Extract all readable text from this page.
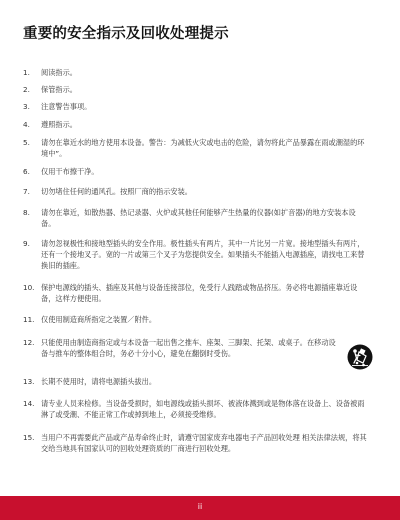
重要的安全指示及回收处理提示
1.	阅读指示。
2.	保管指示。
3.	注意警告事项。
4.	遵照指示。
5.	请勿在靠近水的地方使用本设备。警告：为减低火灾或电击的危险，请勿将此产品暴露在雨或潮湿的环境中”。
6.	仅用干布擦干净。
7.	切勿堵住任何的通风孔。按照厂商的指示安装。
8.	请勿在靠近，如散热器、热记录器、火炉或其他任何能够产生热量的仪器(如扩音器)的地方安装本设备。
9.	请勿忽视极性和接地型插头的安全作用。极性插头有两片，其中一片比另一片宽。接地型插头有两片，还有一个接地叉子。宽的一片或第三个叉子为您提供安全。如果插头不能插入电源插座，请找电工来替换旧的插座。
10. 保护电源线的插头、插座及其他与设备连接部位，免受行人践踏或物品挤压。务必将电源插座靠近设备，这样方便使用。
11. 仅使用制造商所指定之装置／附件。
12. 只能使用由制造商指定或与本设备一起出售之推车、座架、三脚架、托架、或桌子。在移动设备与推车的整体组合时，务必十分小心，避免在翻倒时受伤。
13. 长期不使用时，请将电源插头拔出。
14. 请专业人员来检修。当设备受损时，如电源线或插头损坏、被液体溅到或是物体落在设备上、设备被雨淋了或受潮、不能正常工作或掉到地上，必须接受维修。
15. 当用户不再需要此产品或产品寿命终止时，请遵守国家废弃电器电子产品回收处理 相关法律法规，将其交给当地具有国家认可的回收处理资质的厂商进行回收处理。
ii
